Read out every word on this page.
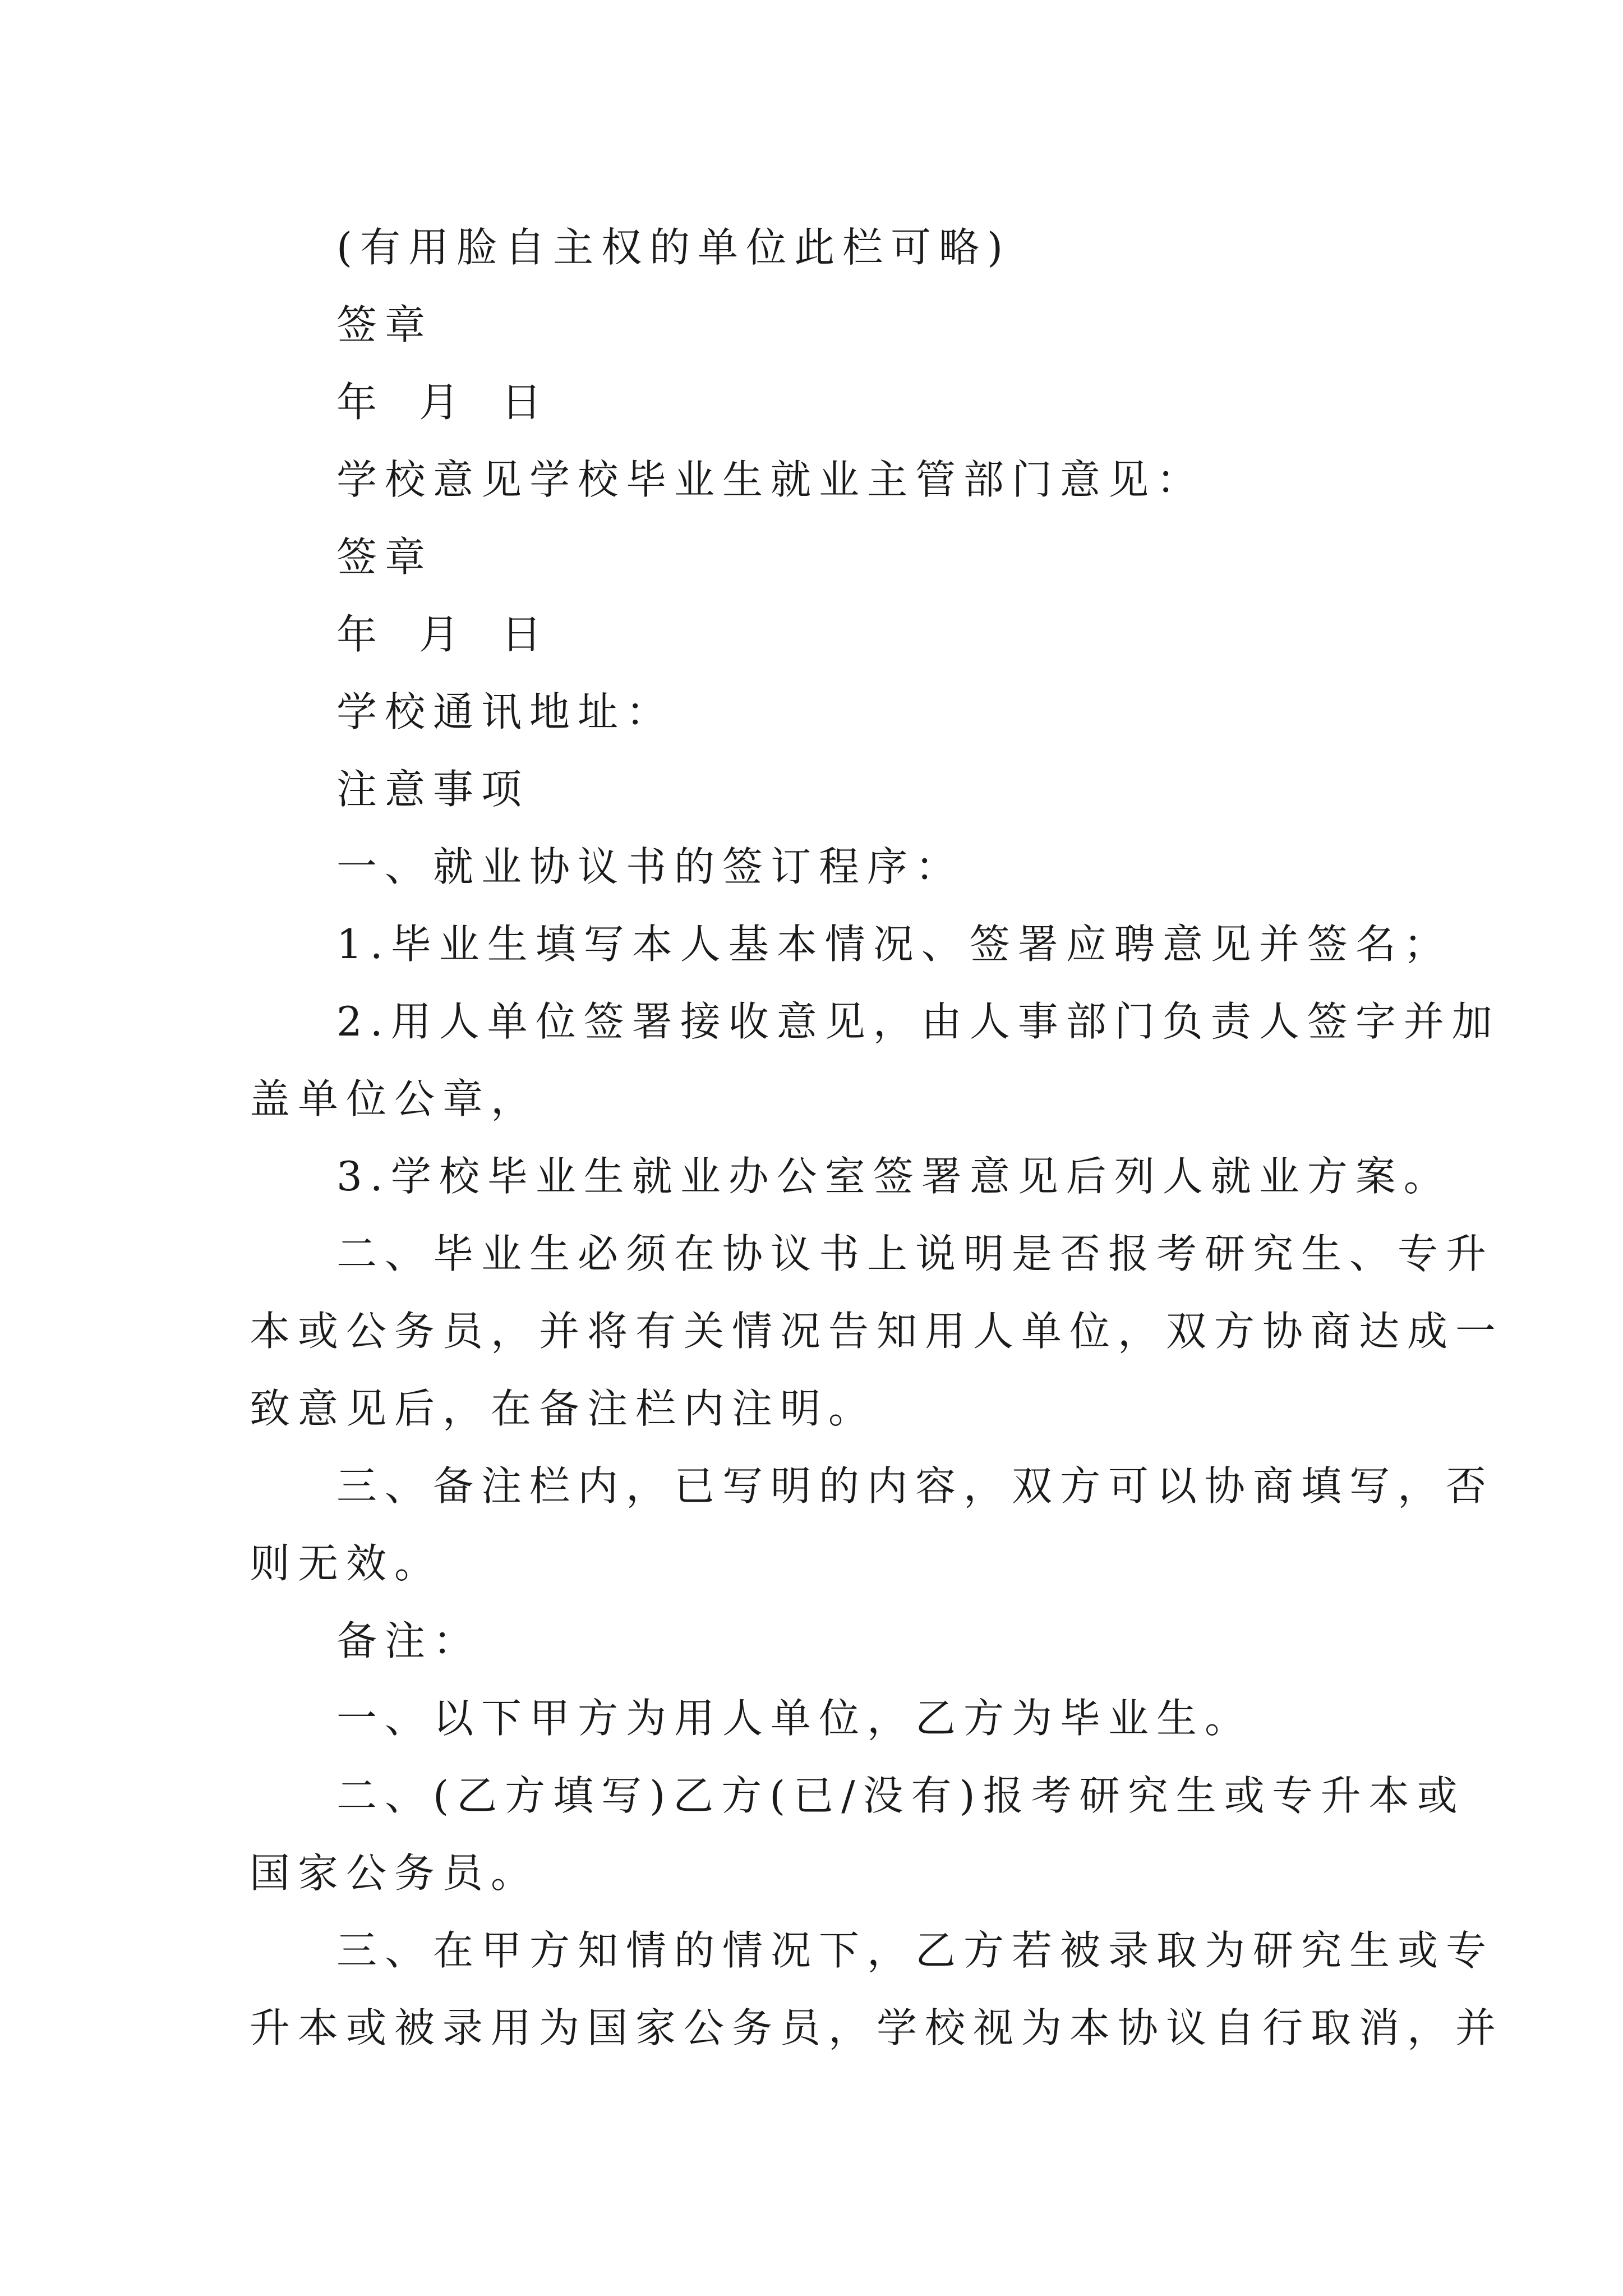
(有用脸自主权的单位此栏可略)
签章
年 月 日
学校意见学校毕业生就业主管部门意见：
签章
年 月 日
学校通讯地址：
注意事项
一、就业协议书的签订程序：
1.毕业生填写本人基本情况、签署应聘意见并签名；
2.用人单位签署接收意见，由人事部门负责人签字并加
盖单位公章，
3.学校毕业生就业办公室签署意见后列人就业方案。
二、毕业生必须在协议书上说明是否报考研究生、专升
本或公务员，并将有关情况告知用人单位，双方协商达成一
致意见后，在备注栏内注明。
三、备注栏内，已写明的内容，双方可以协商填写，否
则无效。
备注：
一、以下甲方为用人单位，乙方为毕业生。
二、(乙方填写)乙方(已/没有)报考研究生或专升本或
国家公务员。
三、在甲方知情的情况下，乙方若被录取为研究生或专
升本或被录用为国家公务员，学校视为本协议自行取消，并
